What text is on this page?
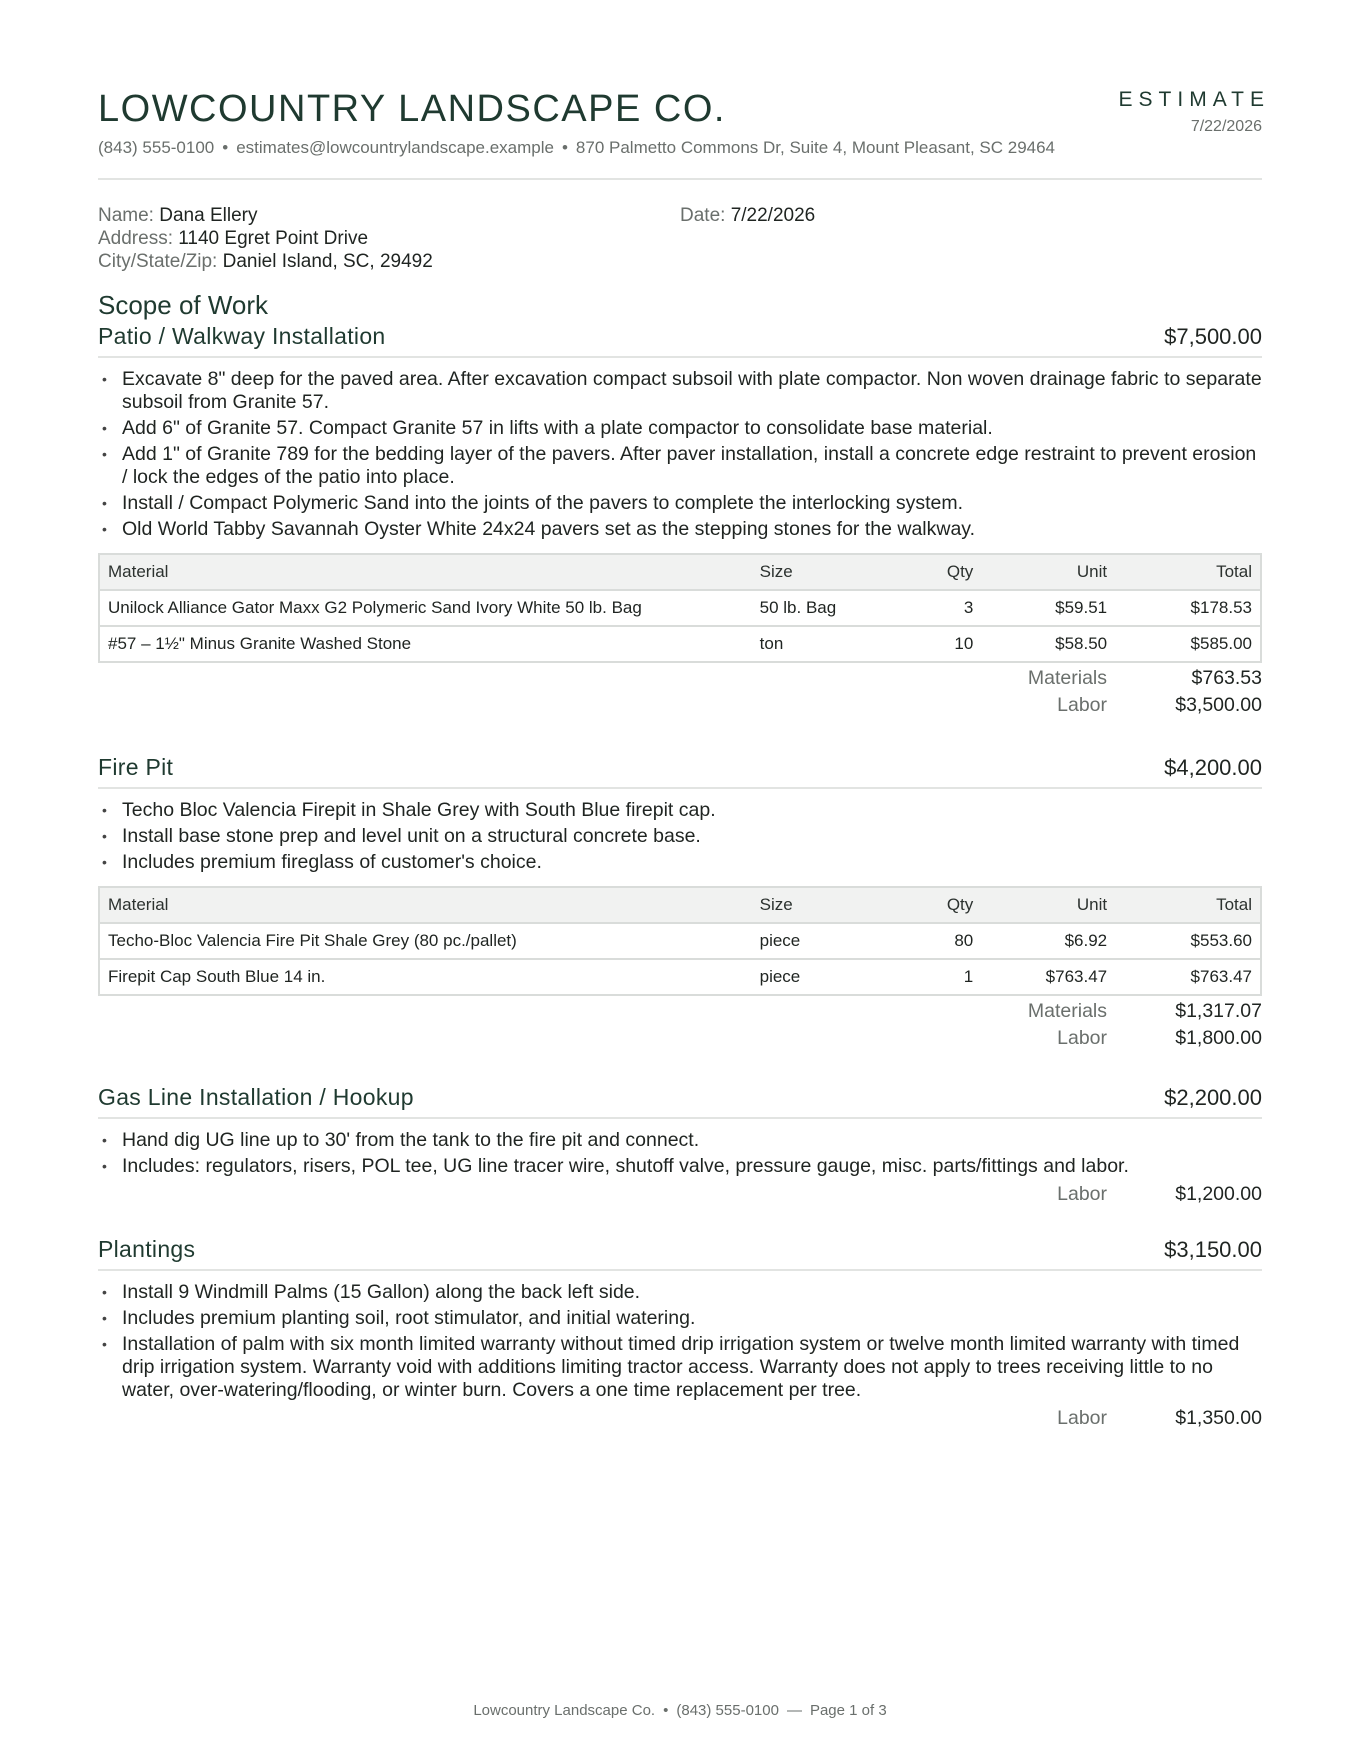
LOWCOUNTRY LANDSCAPE CO.
(843) 555-0100 • estimates@lowcountrylandscape.example • 870 Palmetto Commons Dr, Suite 4, Mount Pleasant, SC 29464
ESTIMATE
7/22/2026
Name: Dana Ellery
Address: 1140 Egret Point Drive
City/State/Zip: Daniel Island, SC, 29492
Date: 7/22/2026
Scope of Work
Patio / Walkway Installation	$7,500.00
• Excavate 8" deep for the paved area. After excavation compact subsoil with plate compactor. Non woven drainage fabric to separate subsoil from Granite 57.
• Add 6" of Granite 57. Compact Granite 57 in lifts with a plate compactor to consolidate base material.
• Add 1" of Granite 789 for the bedding layer of the pavers. After paver installation, install a concrete edge restraint to prevent erosion / lock the edges of the patio into place.
• Install / Compact Polymeric Sand into the joints of the pavers to complete the interlocking system.
• Old World Tabby Savannah Oyster White 24x24 pavers set as the stepping stones for the walkway.
Material	Size	Qty	Unit	Total
Unilock Alliance Gator Maxx G2 Polymeric Sand Ivory White 50 lb. Bag	50 lb. Bag	3	$59.51	$178.53
#57 – 1½" Minus Granite Washed Stone	ton	10	$58.50	$585.00
Materials	$763.53
Labor	$3,500.00
Fire Pit	$4,200.00
• Techo Bloc Valencia Firepit in Shale Grey with South Blue firepit cap.
• Install base stone prep and level unit on a structural concrete base.
• Includes premium fireglass of customer's choice.
Material	Size	Qty	Unit	Total
Techo-Bloc Valencia Fire Pit Shale Grey (80 pc./pallet)	piece	80	$6.92	$553.60
Firepit Cap South Blue 14 in.	piece	1	$763.47	$763.47
Materials	$1,317.07
Labor	$1,800.00
Gas Line Installation / Hookup	$2,200.00
• Hand dig UG line up to 30' from the tank to the fire pit and connect.
• Includes: regulators, risers, POL tee, UG line tracer wire, shutoff valve, pressure gauge, misc. parts/fittings and labor.
Labor	$1,200.00
Plantings	$3,150.00
• Install 9 Windmill Palms (15 Gallon) along the back left side.
• Includes premium planting soil, root stimulator, and initial watering.
• Installation of palm with six month limited warranty without timed drip irrigation system or twelve month limited warranty with timed drip irrigation system. Warranty void with additions limiting tractor access. Warranty does not apply to trees receiving little to no water, over-watering/flooding, or winter burn. Covers a one time replacement per tree.
Labor	$1,350.00
Lowcountry Landscape Co. • (843) 555-0100 — Page 1 of 3
